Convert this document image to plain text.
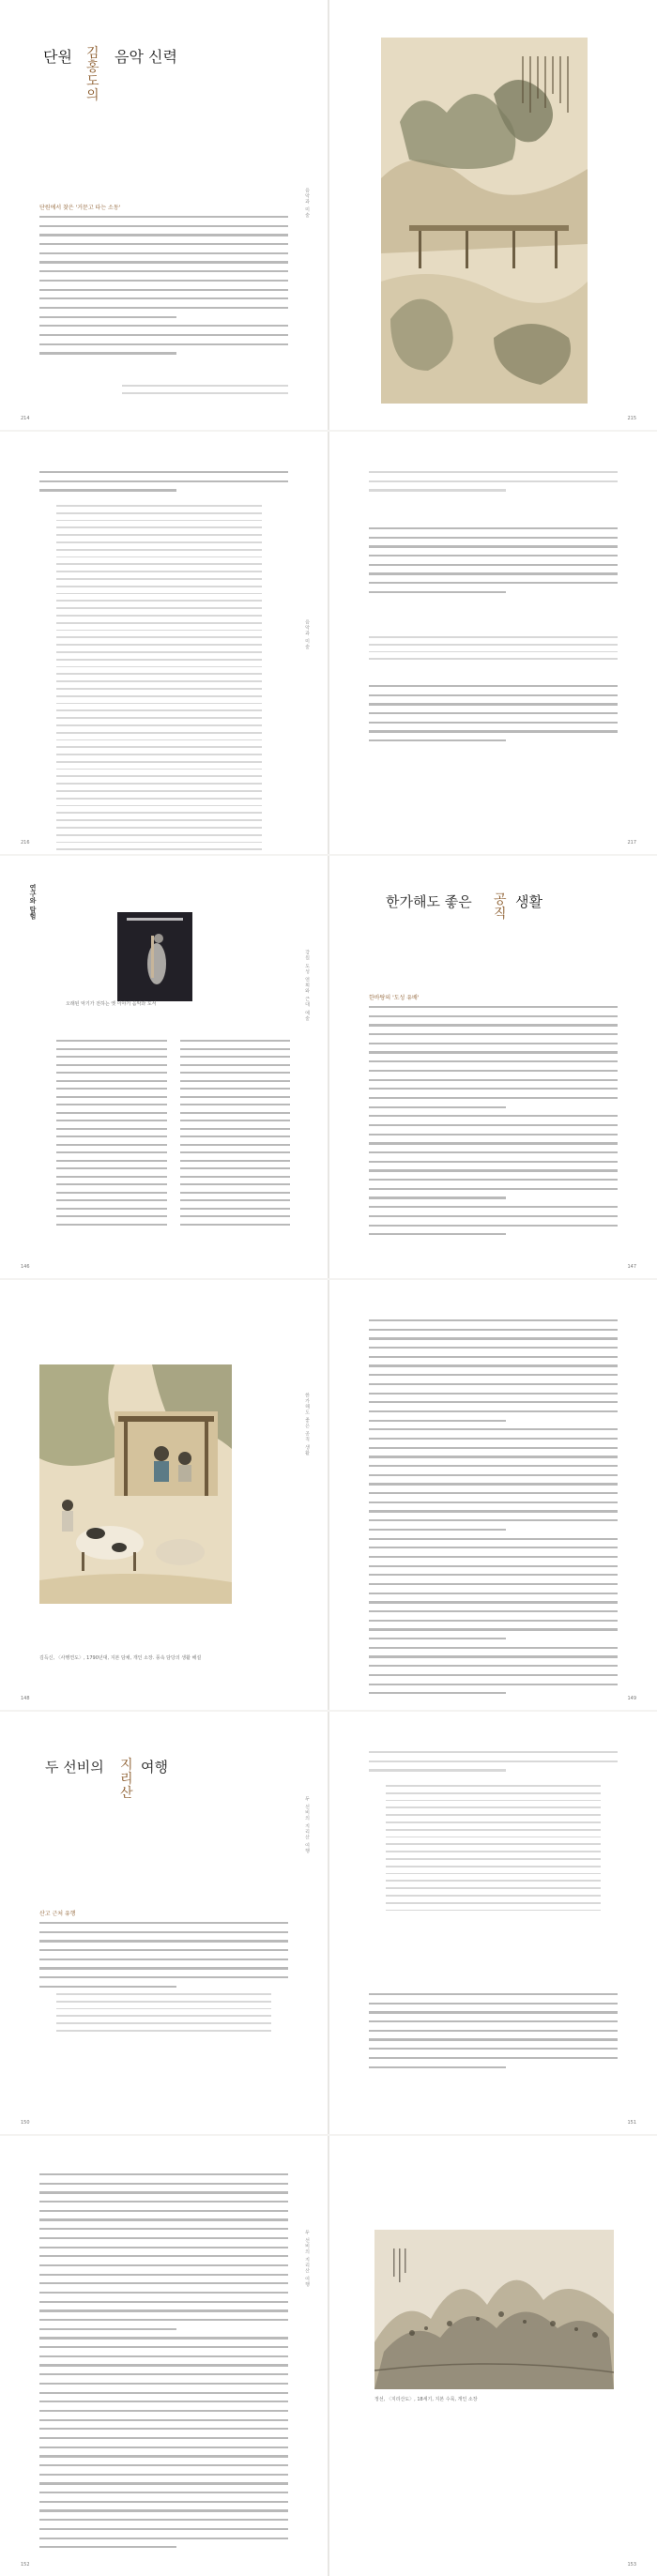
단원 김
홍
도
의
음악 신력
음악과 미술
단원에서 찾은 '거문고 타는 소동'
214	215
음악과 미술
216	217
연구와 탐험
오래된 악기가 전하는 옛 이야기 음악과 도서	강원 도성 연희와 근대 예술
146
한가해도 좋은 공
직
생활
한바탕의 '도성 유배'
147
김득신, 〈사행연도〉, 1790년대, 지본 담채, 개인 소장. 풍속 담당의 생활 해설
한가해도 좋은 공직 생활
148	149
두 선비의 지
리
산
여행
두 선비의 지리산 여행
산고 근처 유행
150	151
두 선비의 지리산 여행
152
정선, 〈지리산도〉, 18세기, 지본 수묵, 개인 소장
153
